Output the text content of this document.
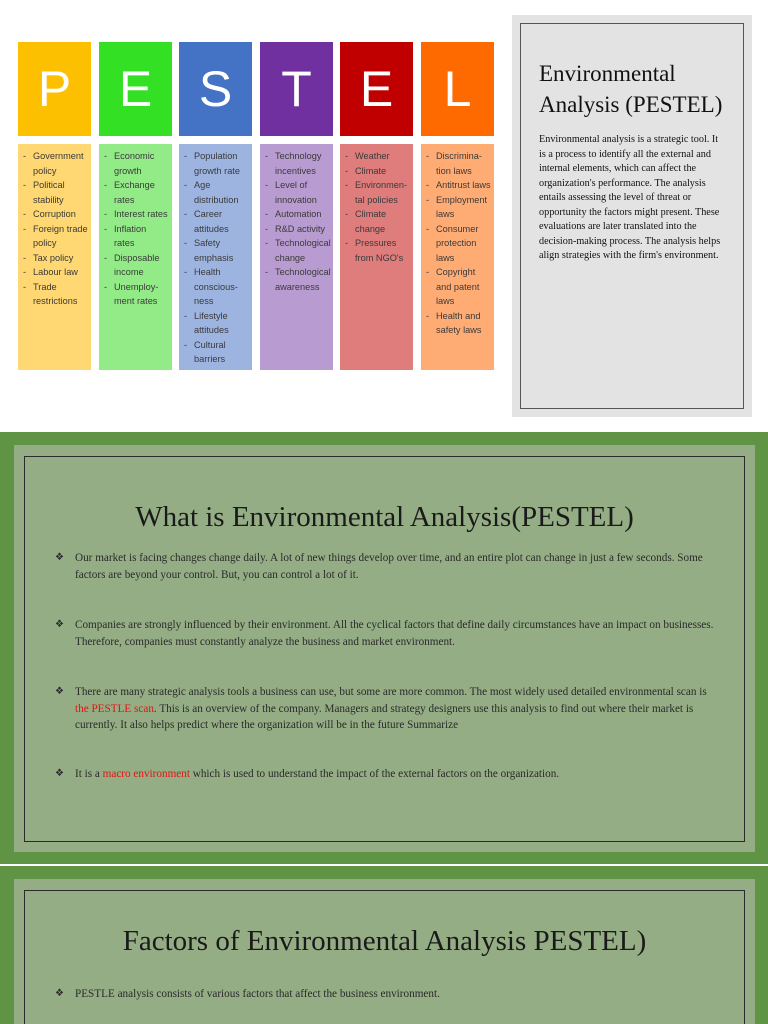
P
- Government policy
- Political stability
- Corruption
- Foreign trade policy
- Tax policy
- Labour law
- Trade restrictions
E
- Economic growth
- Exchange rates
- Interest rates
- Inflation rates
- Disposable income
- Unemploy-ment rates
S
- Population growth rate
- Age distribution
- Career attitudes
- Safety emphasis
- Health conscious-ness
- Lifestyle attitudes
- Cultural barriers
T
- Technology incentives
- Level of innovation
- Automation
- R&D activity
- Technological change
- Technological awareness
E
- Weather
- Climate
- Environmen-tal policies
- Climate change
- Pressures from NGO's
L
- Discrimina-tion laws
- Antitrust laws
- Employment laws
- Consumer protection laws
- Copyright and patent laws
- Health and safety laws
Environmental Analysis (PESTEL)

Environmental analysis is a strategic tool. It is a process to identify all the external and internal elements, which can affect the organization's performance. The analysis entails assessing the level of threat or opportunity the factors might present. These evaluations are later translated into the decision-making process. The analysis helps align strategies with the firm's environment.

What is Environmental Analysis(PESTEL)
❖ Our market is facing changes change daily. A lot of new things develop over time, and an entire plot can change in just a few seconds. Some factors are beyond your control. But, you can control a lot of it.
❖ Companies are strongly influenced by their environment. All the cyclical factors that define daily circumstances have an impact on businesses. Therefore, companies must constantly analyze the business and market environment.
❖ There are many strategic analysis tools a business can use, but some are more common. The most widely used detailed environmental scan is the PESTLE scan. This is an overview of the company. Managers and strategy designers use this analysis to find out where their market is currently. It also helps predict where the organization will be in the future Summarize
❖ It is a macro environment which is used to understand the impact of the external factors on the organization.
Factors of Environmental Analysis PESTEL)
❖ PESTLE analysis consists of various factors that affect the business environment.
